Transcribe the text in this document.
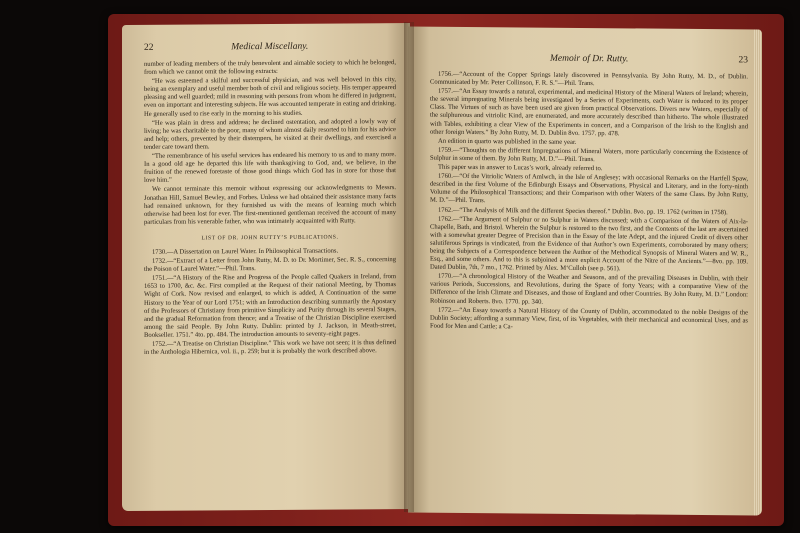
22	Medical Miscellany.

number of leading members of the truly benevolent and aimable society to which he belonged, from which we cannot omit the following extracts:

“He was esteemed a skilful and successful physician, and was well beloved in this city, being an exemplary and useful member both of civil and religious society. His temper appeared pleasing and well guarded; mild in reasoning with persons from whom he differed in judgment, even on important and interesting subjects. He was accounted temperate in eating and drinking. He generally used to rise early in the morning to his studies.

“He was plain in dress and address; he declined ostentation, and adopted a lowly way of living; he was charitable to the poor, many of whom almost daily resorted to him for his advice and help; others, prevented by their distempers, he visited at their dwellings, and exercised a tender care toward them.

“The remembrance of his useful services has endeared his memory to us and to many more. In a good old age he departed this life with thanksgiving to God, and, we believe, in the fruition of the renewed foretaste of those good things which God has in store for those that love him.”

We cannot terminate this memoir without expressing our acknowledgments to Messrs. Jonathan Hill, Samuel Bewley, and Forbes. Unless we had obtained their assistance many facts had remained unknown, for they furnished us with the means of learning much which otherwise had been lost for ever. The first-mentioned gentleman received the account of many particulars from his venerable father, who was intimately acquainted with Rutty.

LIST OF DR. JOHN RUTTY’S PUBLICATIONS.

1730.—A Dissertation on Laurel Water. In Philosophical Transactions.

1732.—“Extract of a Letter from John Rutty, M. D. to Dr. Mortimer, Sec. R. S., concerning the Poison of Laurel Water.”—Phil. Trans.

1751.—“A History of the Rise and Progress of the People called Quakers in Ireland, from 1653 to 1700, &c. &c. First compiled at the Request of their national Meeting, by Thomas Wight of Cork. Now revised and enlarged, to which is added, A Continuation of the same History to the Year of our Lord 1751; with an Introduction describing summarily the Apostacy of the Professors of Christiany from primitive Simplicity and Purity through its several Stages, and the gradual Reformation from thence; and a Treatise of the Christian Discipline exercised among the said People. By John Rutty. Dublin: printed by J. Jackson, in Meath-street, Bookseller. 1751.” 4to. pp. 484. The introduction amounts to seventy-eight pages.

1752.—“A Treatise on Christian Discipline.” This work we have not seen; it is thus defined in the Anthologia Hibernica, vol. ii., p. 259; but it is probably the work described above.

Memoir of Dr. Rutty.	23

1756.—“Account of the Copper Springs lately discovered in Pennsylvania. By John Rutty, M. D., of Dublin. Communicated by Mr. Peter Collinson, F. R. S.”—Phil. Trans.

1757.—“An Essay towards a natural, experimental, and medicinal History of the Mineral Waters of Ireland; wherein, the several impregnating Minerals being investigated by a Series of Experiments, each Water is reduced to its proper Class. The Virtues of such as have been used are given from practical Observations. Divers new Waters, especially of the sulphureous and vitriolic Kind, are enumerated, and more accurately described than hitherto. The whole illustrated with Tables, exhibiting a clear View of the Experiments in concert, and a Comparison of the Irish to the English and other foreign Waters.” By John Rutty, M. D. Dublin 8vo. 1757. pp. 478.

An edition in quarto was published in the same year.

1759.—“Thoughts on the different Impregnations of Mineral Waters, more particularly concerning the Existence of Sulphur in some of them. By John Rutty, M. D.”—Phil. Trans.

This paper was in answer to Lucas’s work, already referred to.

1760.—“Of the Vitriolic Waters of Amlwch, in the Isle of Anglesey; with occasional Remarks on the Hartfell Spaw, described in the first Volume of the Edinburgh Essays and Observations, Physical and Literary, and in the forty-ninth Volume of the Philosophical Transactions; and their Comparison with other Waters of the same Class. By John Rutty, M. D.”—Phil. Trans.

1762.—“The Analysis of Milk and the different Species thereof.” Dublin. 8vo. pp. 19. 1762 (written in 1758).

1762.—“The Argument of Sulphur or no Sulphur in Waters discussed; with a Comparison of the Waters of Aix-la-Chapelle, Bath, and Bristol. Wherein the Sulphur is restored to the two first, and the Contents of the last are ascertained with a somewhat greater Degree of Precision than in the Essay of the late Adept, and the injured Credit of divers other salutiferous Springs is vindicated, from the Evidence of that Author’s own Experiments, corroborated by many others; being the Subjects of a Correspondence between the Author of the Methodical Synopsis of Mineral Waters and W. R., Esq., and some others. And to this is subjoined a more explicit Account of the Nitre of the Ancients.”—8vo. pp. 109. Dated Dublin, 7th, 7 mo., 1762. Printed by Alex. M‘Culloh (see p. 561).

1770.—“A chronological History of the Weather and Seasons, and of the prevailing Diseases in Dublin, with their various Periods, Successions, and Revolutions, during the Space of forty Years; with a comparative View of the Difference of the Irish Climate and Diseases, and those of England and other Countries. By John Rutty, M. D.” London: Robinson and Roberts. 8vo. 1770. pp. 340.

1772.—“An Essay towards a Natural History of the County of Dublin, accommodated to the noble Designs of the Dublin Society; affording a summary View, first, of its Vegetables, with their mechanical and economical Uses, and as Food for Men and Cattle; a Ca-
